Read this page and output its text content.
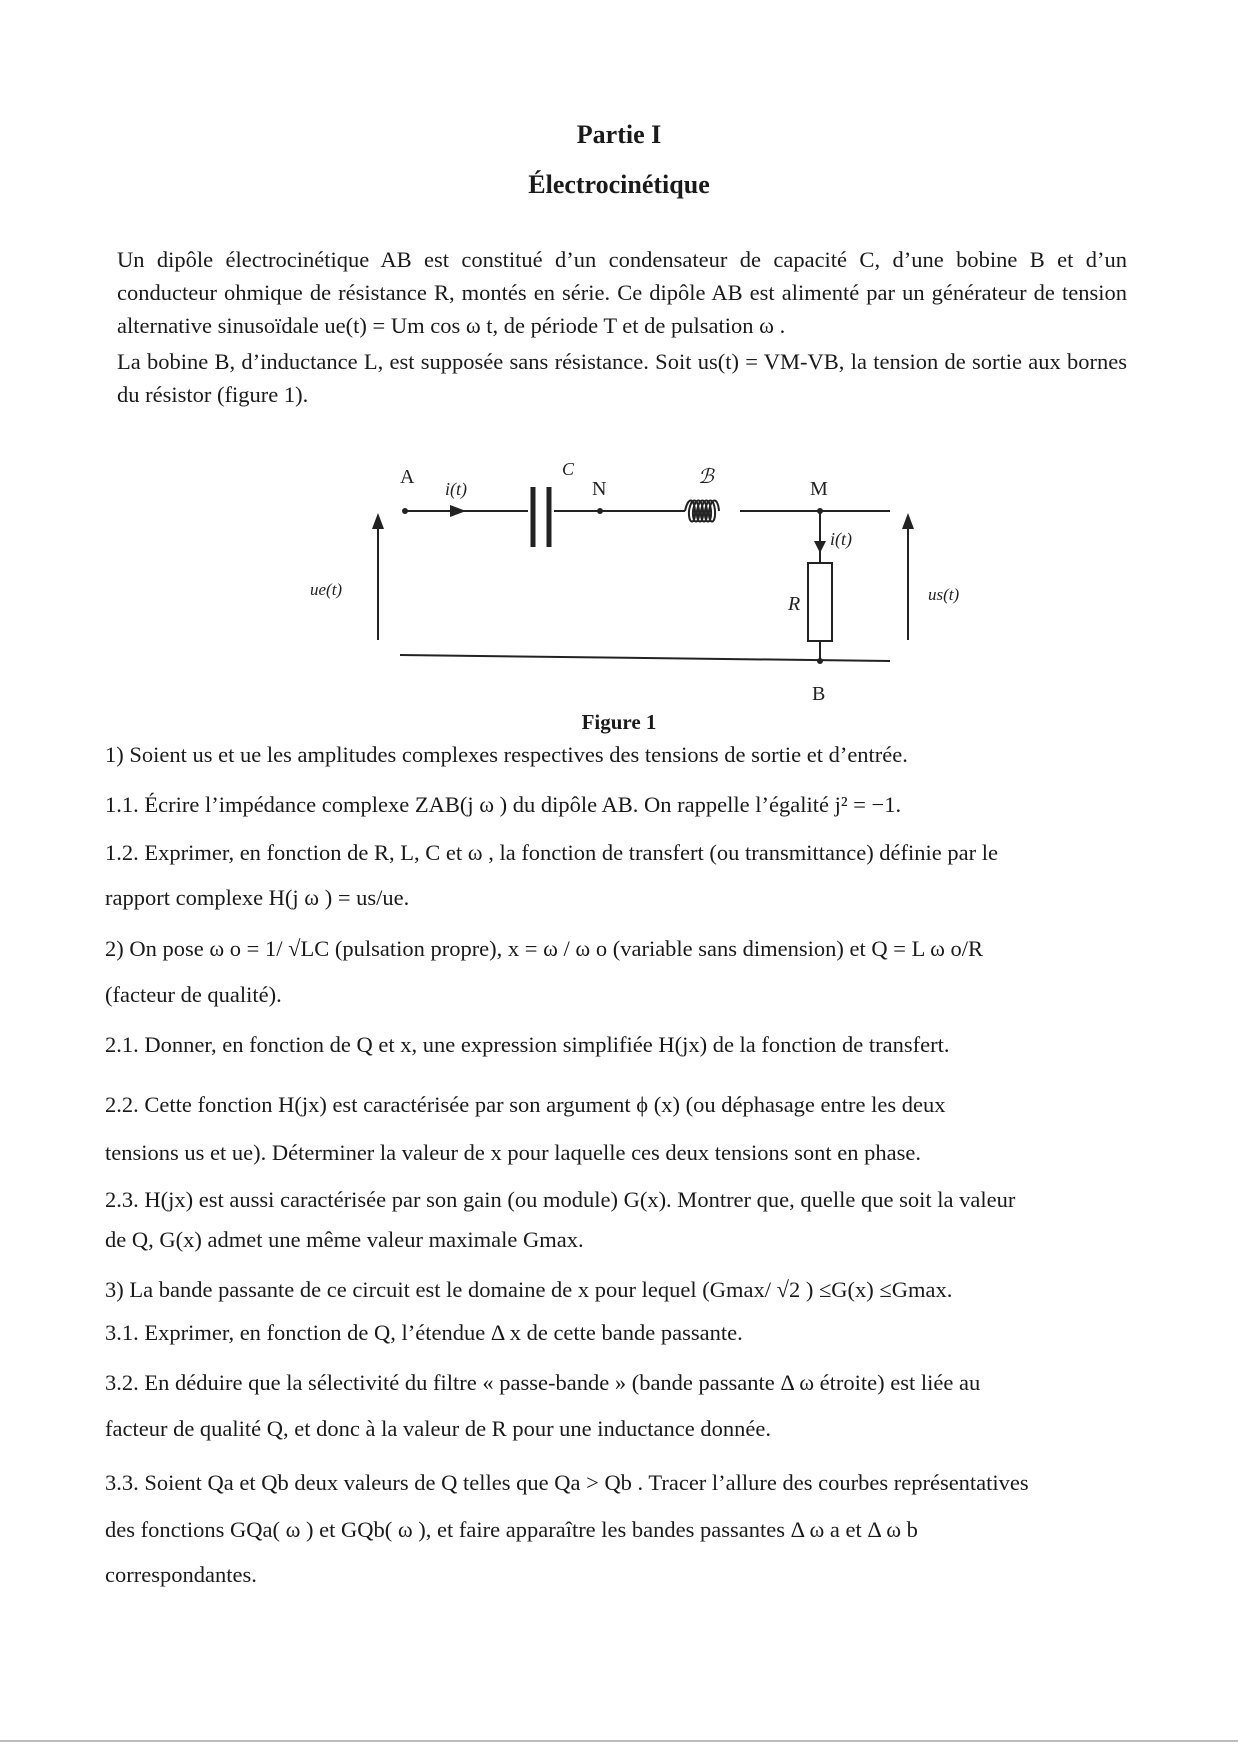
Partie I
Électrocinétique
Un dipôle électrocinétique AB est constitué d’un condensateur de capacité C, d’une bobine B et d’un conducteur ohmique de résistance R, montés en série. Ce dipôle AB est alimenté par un générateur de tension alternative sinusoïdale ue(t) = Um cos ω t, de période T et de pulsation ω .
La bobine B, d’inductance L, est supposée sans résistance. Soit us(t) = VM-VB, la tension de sortie aux bornes du résistor (figure 1).
A
i(t)
C
N
ℬ
M
i(t)
R
ue(t)	us(t)
B
Figure 1
1) Soient us et ue les amplitudes complexes respectives des tensions de sortie et d’entrée.
1.1. Écrire l’impédance complexe ZAB(j ω ) du dipôle AB. On rappelle l’égalité j² = −1.
1.2. Exprimer, en fonction de R, L, C et ω , la fonction de transfert (ou transmittance) définie par le
rapport complexe H(j ω ) = us/ue.
2) On pose ω o = 1/ √LC (pulsation propre), x = ω / ω o (variable sans dimension) et Q = L ω o/R
(facteur de qualité).
2.1. Donner, en fonction de Q et x, une expression simplifiée H(jx) de la fonction de transfert.
2.2. Cette fonction H(jx) est caractérisée par son argument ϕ (x) (ou déphasage entre les deux
tensions us et ue). Déterminer la valeur de x pour laquelle ces deux tensions sont en phase.
2.3. H(jx) est aussi caractérisée par son gain (ou module) G(x). Montrer que, quelle que soit la valeur
de Q, G(x) admet une même valeur maximale Gmax.
3) La bande passante de ce circuit est le domaine de x pour lequel (Gmax/ √2 ) ≤G(x) ≤Gmax.
3.1. Exprimer, en fonction de Q, l’étendue Δ x de cette bande passante.
3.2. En déduire que la sélectivité du filtre « passe-bande » (bande passante Δ ω étroite) est liée au
facteur de qualité Q, et donc à la valeur de R pour une inductance donnée.
3.3. Soient Qa et Qb deux valeurs de Q telles que Qa > Qb . Tracer l’allure des courbes représentatives
des fonctions GQa( ω ) et GQb( ω ), et faire apparaître les bandes passantes Δ ω a et Δ ω b
correspondantes.
